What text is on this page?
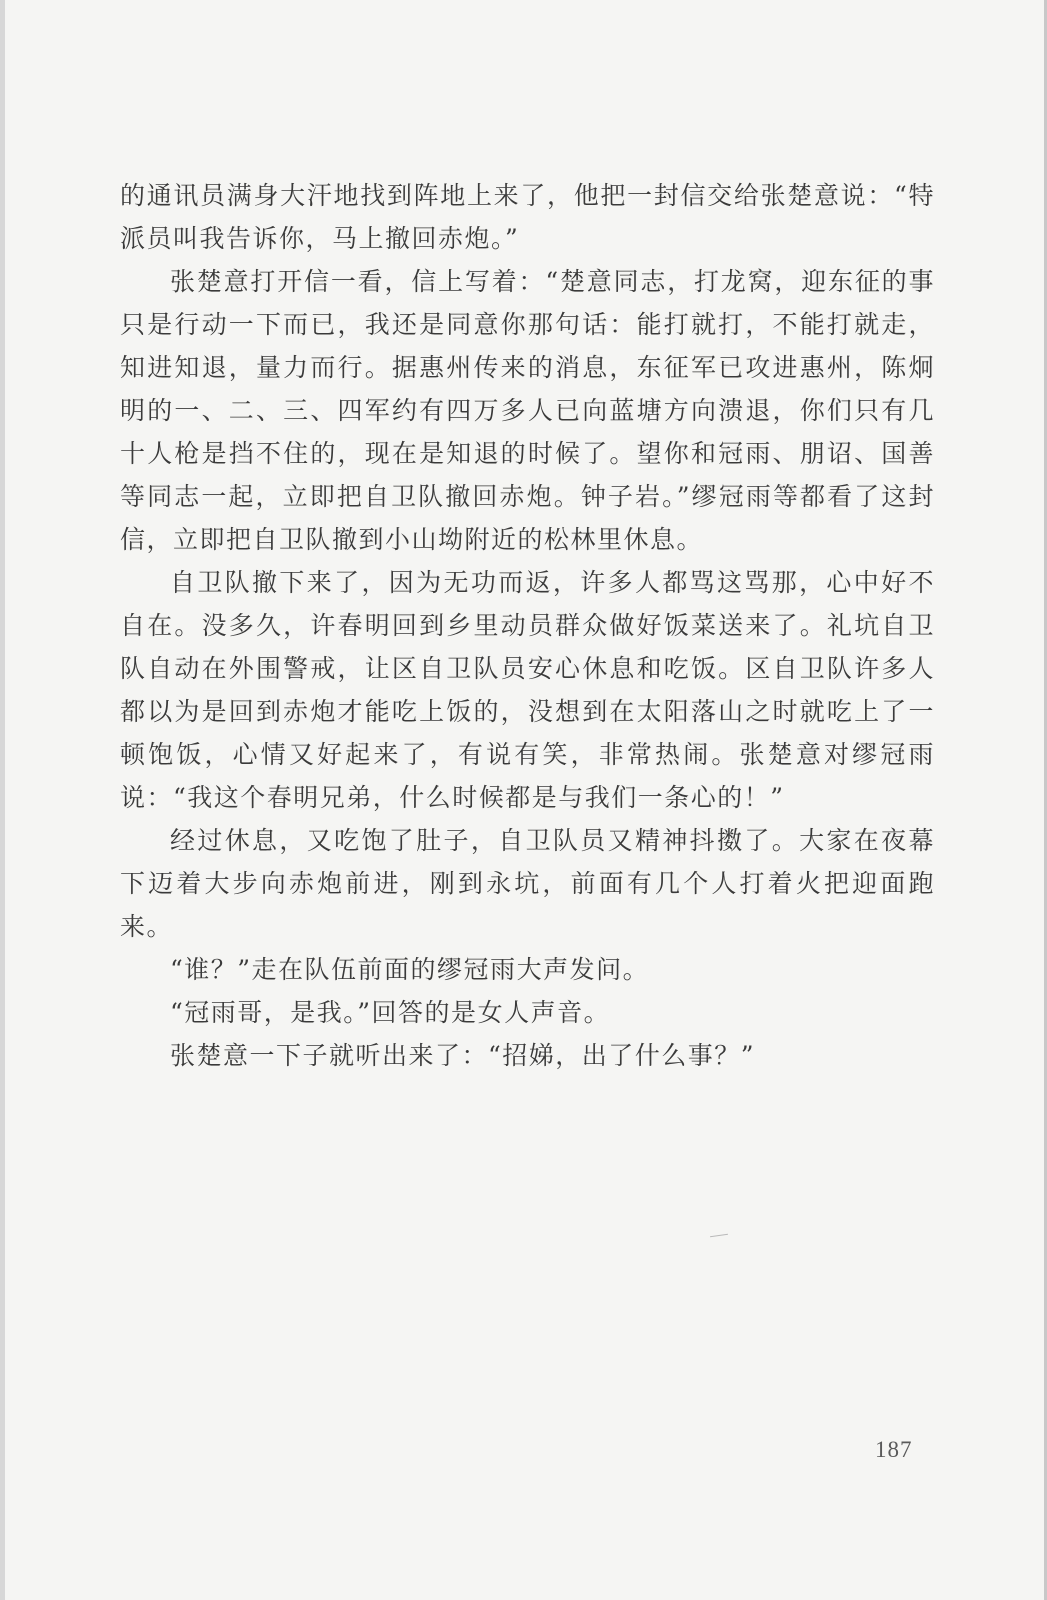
的通讯员满身大汗地找到阵地上来了，他把一封信交给张楚意说：“特派员叫我告诉你，马上撤回赤炮。”

张楚意打开信一看，信上写着：“楚意同志，打龙窝，迎东征的事只是行动一下而已，我还是同意你那句话：能打就打，不能打就走，知进知退，量力而行。据惠州传来的消息，东征军已攻进惠州，陈炯明的一、二、三、四军约有四万多人已向蓝塘方向溃退，你们只有几十人枪是挡不住的，现在是知退的时候了。望你和冠雨、朋诏、国善等同志一起，立即把自卫队撤回赤炮。钟子岩。”缪冠雨等都看了这封信，立即把自卫队撤到小山坳附近的松林里休息。

自卫队撤下来了，因为无功而返，许多人都骂这骂那，心中好不自在。没多久，许春明回到乡里动员群众做好饭菜送来了。礼坑自卫队自动在外围警戒，让区自卫队员安心休息和吃饭。区自卫队许多人都以为是回到赤炮才能吃上饭的，没想到在太阳落山之时就吃上了一顿饱饭，心情又好起来了，有说有笑，非常热闹。张楚意对缪冠雨说：“我这个春明兄弟，什么时候都是与我们一条心的！”

经过休息，又吃饱了肚子，自卫队员又精神抖擞了。大家在夜幕下迈着大步向赤炮前进，刚到永坑，前面有几个人打着火把迎面跑来。

“谁？”走在队伍前面的缪冠雨大声发问。

“冠雨哥，是我。”回答的是女人声音。

张楚意一下子就听出来了：“招娣，出了什么事？”

187
